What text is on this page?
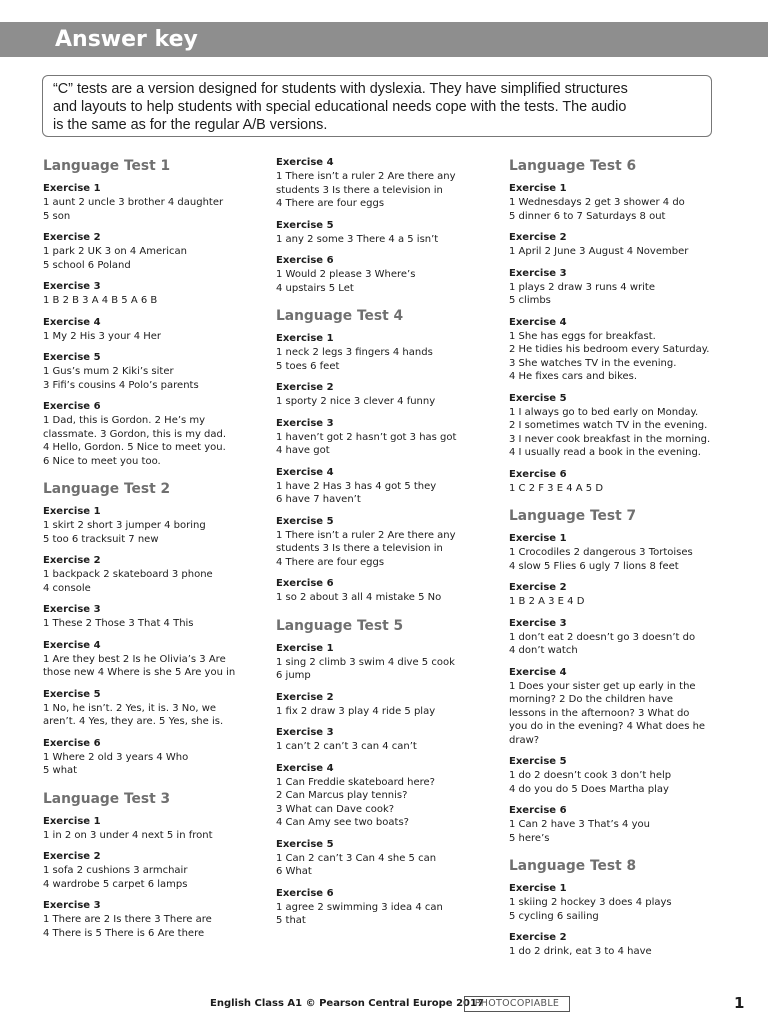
Answer key
“C” tests are a version designed for students with dyslexia. They have simplified structures
and layouts to help students with special educational needs cope with the tests. The audio
is the same as for the regular A/B versions.
Language Test 1
Exercise 1
1 aunt 2 uncle 3 brother 4 daughter
5 son
Exercise 2
1 park 2 UK 3 on 4 American
5 school 6 Poland
Exercise 3
1 B 2 B 3 A 4 B 5 A 6 B
Exercise 4
1 My 2 His 3 your 4 Her
Exercise 5
1 Gus’s mum 2 Kiki’s siter
3 Fifi’s cousins 4 Polo’s parents
Exercise 6
1 Dad, this is Gordon. 2 He’s my
classmate. 3 Gordon, this is my dad.
4 Hello, Gordon. 5 Nice to meet you.
6 Nice to meet you too.
Language Test 2
Exercise 1
1 skirt 2 short 3 jumper 4 boring
5 too 6 tracksuit 7 new
Exercise 2
1 backpack 2 skateboard 3 phone
4 console
Exercise 3
1 These 2 Those 3 That 4 This
Exercise 4
1 Are they best 2 Is he Olivia’s 3 Are
those new 4 Where is she 5 Are you in
Exercise 5
1 No, he isn’t. 2 Yes, it is. 3 No, we
aren’t. 4 Yes, they are. 5 Yes, she is.
Exercise 6
1 Where 2 old 3 years 4 Who
5 what
Language Test 3
Exercise 1
1 in 2 on 3 under 4 next 5 in front
Exercise 2
1 sofa 2 cushions 3 armchair
4 wardrobe 5 carpet 6 lamps
Exercise 3
1 There are 2 Is there 3 There are
4 There is 5 There is 6 Are there
Exercise 4
1 There isn’t a ruler 2 Are there any
students 3 Is there a television in
4 There are four eggs
Exercise 5
1 any 2 some 3 There 4 a 5 isn’t
Exercise 6
1 Would 2 please 3 Where’s
4 upstairs 5 Let
Language Test 4
Exercise 1
1 neck 2 legs 3 fingers 4 hands
5 toes 6 feet
Exercise 2
1 sporty 2 nice 3 clever 4 funny
Exercise 3
1 haven’t got 2 hasn’t got 3 has got
4 have got
Exercise 4
1 have 2 Has 3 has 4 got 5 they
6 have 7 haven’t
Exercise 5
1 There isn’t a ruler 2 Are there any
students 3 Is there a television in
4 There are four eggs
Exercise 6
1 so 2 about 3 all 4 mistake 5 No
Language Test 5
Exercise 1
1 sing 2 climb 3 swim 4 dive 5 cook
6 jump
Exercise 2
1 fix 2 draw 3 play 4 ride 5 play
Exercise 3
1 can’t 2 can’t 3 can 4 can’t
Exercise 4
1 Can Freddie skateboard here?
2 Can Marcus play tennis?
3 What can Dave cook?
4 Can Amy see two boats?
Exercise 5
1 Can 2 can’t 3 Can 4 she 5 can
6 What
Exercise 6
1 agree 2 swimming 3 idea 4 can
5 that
Language Test 6
Exercise 1
1 Wednesdays 2 get 3 shower 4 do
5 dinner 6 to 7 Saturdays 8 out
Exercise 2
1 April 2 June 3 August 4 November
Exercise 3
1 plays 2 draw 3 runs 4 write
5 climbs
Exercise 4
1 She has eggs for breakfast.
2 He tidies his bedroom every Saturday.
3 She watches TV in the evening.
4 He fixes cars and bikes.
Exercise 5
1 I always go to bed early on Monday.
2 I sometimes watch TV in the evening.
3 I never cook breakfast in the morning.
4 I usually read a book in the evening.
Exercise 6
1 C 2 F 3 E 4 A 5 D
Language Test 7
Exercise 1
1 Crocodiles 2 dangerous 3 Tortoises
4 slow 5 Flies 6 ugly 7 lions 8 feet
Exercise 2
1 B 2 A 3 E 4 D
Exercise 3
1 don’t eat 2 doesn’t go 3 doesn’t do
4 don’t watch
Exercise 4
1 Does your sister get up early in the
morning? 2 Do the children have
lessons in the afternoon? 3 What do
you do in the evening? 4 What does he
draw?
Exercise 5
1 do 2 doesn’t cook 3 don’t help
4 do you do 5 Does Martha play
Exercise 6
1 Can 2 have 3 That’s 4 you
5 here’s
Language Test 8
Exercise 1
1 skiing 2 hockey 3 does 4 plays
5 cycling 6 sailing
Exercise 2
1 do 2 drink, eat 3 to 4 have
English Class A1 © Pearson Central Europe 2017
PHOTOCOPIABLE	1
